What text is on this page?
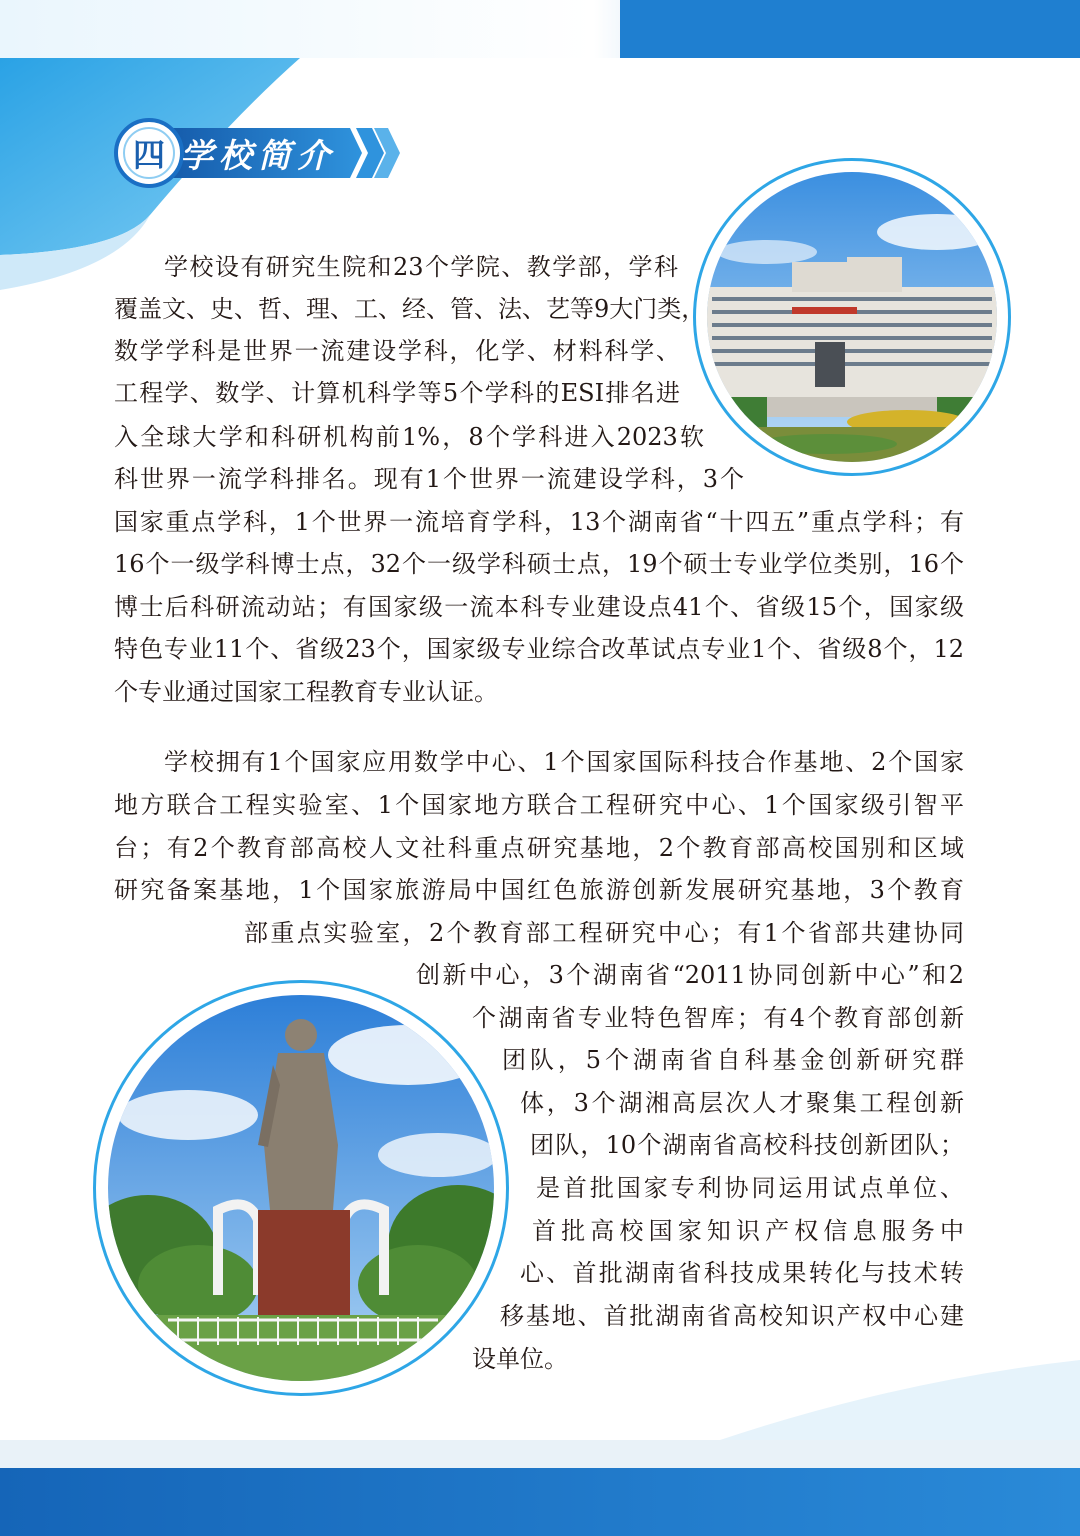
四 学校简介

学校设有研究生院和23个学院、教学部，学科
覆盖文、史、哲、理、工、经、管、法、艺等9大门类，
数学学科是世界一流建设学科，化学、材料科学、
工程学、数学、计算机科学等5个学科的ESI排名进
入全球大学和科研机构前1%，8个学科进入2023软
科世界一流学科排名。现有1个世界一流建设学科，3个
国家重点学科，1个世界一流培育学科，13个湖南省“十四五”重点学科；有
16个一级学科博士点，32个一级学科硕士点，19个硕士专业学位类别，16个
博士后科研流动站；有国家级一流本科专业建设点41个、省级15个，国家级
特色专业11个、省级23个，国家级专业综合改革试点专业1个、省级8个，12
个专业通过国家工程教育专业认证。
学校拥有1个国家应用数学中心、1个国家国际科技合作基地、2个国家
地方联合工程实验室、1个国家地方联合工程研究中心、1个国家级引智平
台；有2个教育部高校人文社科重点研究基地，2个教育部高校国别和区域
研究备案基地，1个国家旅游局中国红色旅游创新发展研究基地，3个教育
部重点实验室，2个教育部工程研究中心；有1个省部共建协同
创新中心，3个湖南省“2011协同创新中心”和2
个湖南省专业特色智库；有4个教育部创新
团队，5个湖南省自科基金创新研究群
体，3个湖湘高层次人才聚集工程创新
团队，10个湖南省高校科技创新团队；
是首批国家专利协同运用试点单位、
首批高校国家知识产权信息服务中
心、首批湖南省科技成果转化与技术转
移基地、首批湖南省高校知识产权中心建
设单位。
